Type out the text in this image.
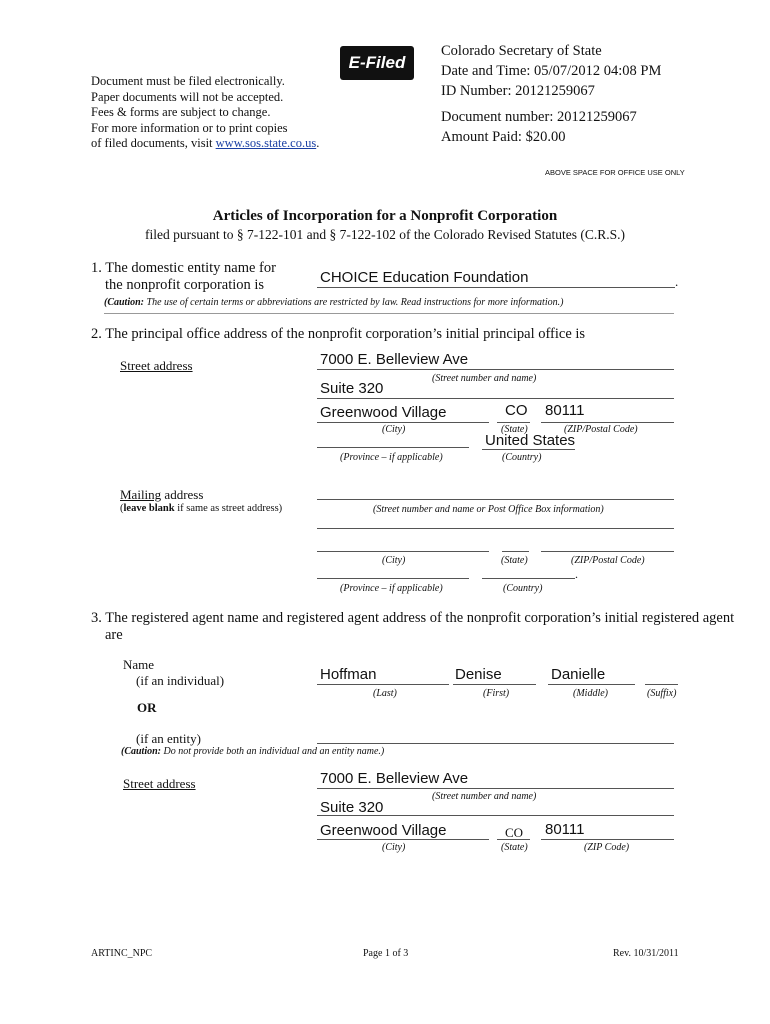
Document must be filed electronically.
Paper documents will not be accepted.
Fees & forms are subject to change.
For more information or to print copies
of filed documents, visit www.sos.state.co.us.
E-Filed
Colorado Secretary of State
Date and Time: 05/07/2012 04:08 PM
ID Number: 20121259067
Document number: 20121259067
Amount Paid: $20.00
ABOVE SPACE FOR OFFICE USE ONLY
Articles of Incorporation for a Nonprofit Corporation
filed pursuant to § 7-122-101 and § 7-122-102 of the Colorado Revised Statutes (C.R.S.)
1. The domestic entity name for
the nonprofit corporation is	CHOICE Education Foundation	.
(Caution: The use of certain terms or abbreviations are restricted by law. Read instructions for more information.)
2. The principal office address of the nonprofit corporation’s initial principal office is
Street address	7000 E. Belleview Ave
(Street number and name)
Suite 320
Greenwood Village	CO 80111
(City)	(State)	(ZIP/Postal Code)
United States
(Province – if applicable)	(Country)
Mailing address
(leave blank if same as street address)	(Street number and name or Post Office Box information)
(City)	(State)	(ZIP/Postal Code)
.
(Province – if applicable)	(Country)
3. The registered agent name and registered agent address of the nonprofit corporation’s initial registered agent
are
Name
(if an individual)	Hoffman	Denise	Danielle
(Last)	(First)	(Middle)	(Suffix)
OR
(if an entity)
(Caution: Do not provide both an individual and an entity name.)
Street address	7000 E. Belleview Ave
(Street number and name)
Suite 320
Greenwood Village	CO 80111
(City)	(State)	(ZIP Code)
ARTINC_NPC	Page 1 of 3	Rev. 10/31/2011
